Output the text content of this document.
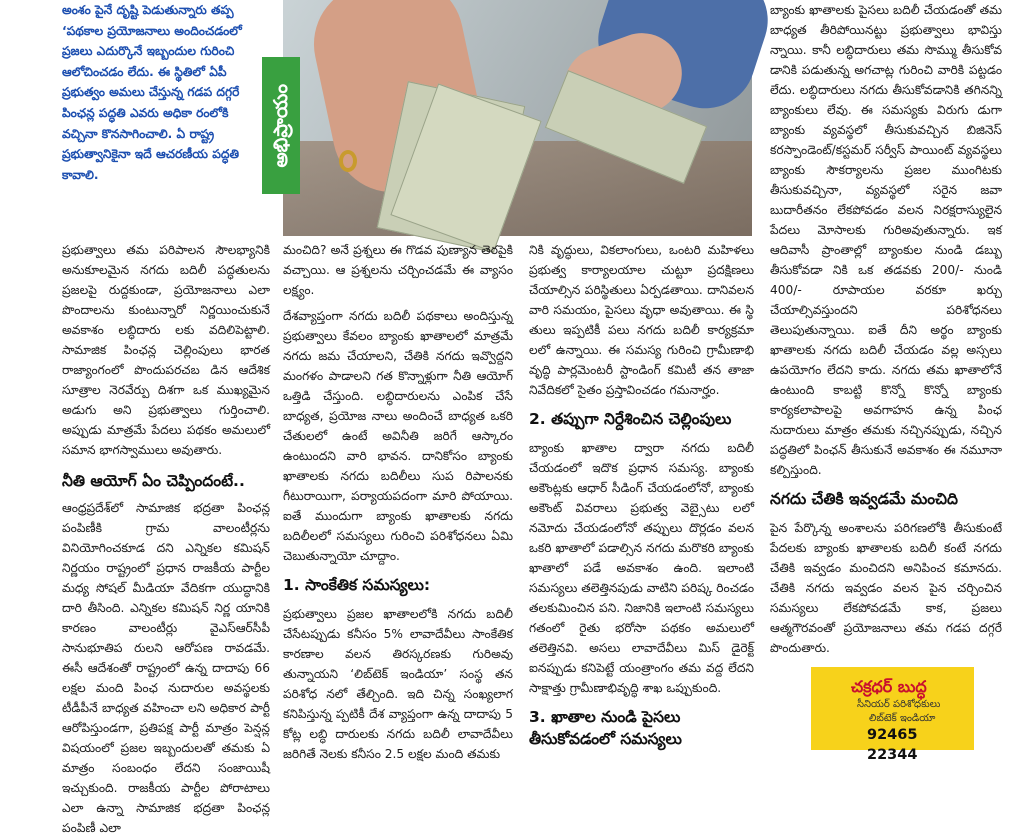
అంశం పైనే దృష్టి పెడుతున్నారు తప్ప ‘పథకాల ప్రయోజనాలు అందించడంలో ప్రజలు ఎదుర్కొనే ఇబ్బందుల గురించి ఆలోచించడం లేదు. ఈ స్థితిలో ఏపీ ప్రభుత్వం అమలు చేస్తున్న గడప దగ్గరే పింఛన్ల పద్ధతి ఎవరు అధికా రంలోకి వచ్చినా కొనసాగించాలి. ఏ రాష్ట్ర ప్రభుత్వానికైనా ఇదే ఆచరణీయ పద్ధతి కావాలి.

అభిప్రాయం

ప్రభుత్వాలు తమ పరిపాలన సౌలభ్యానికి అనుకూలమైన నగదు బదిలీ పద్ధతులను ప్రజలపై రుద్దకుండా, ప్రయోజనాలు ఎలా పొందాలను కుంటున్నారో నిర్ణయించుకునే అవకాశం లబ్ధిదారు లకు వదిలిపెట్టాలి. సామాజిక పింఛన్ల చెల్లింపులు భారత రాజ్యాంగంలో పొందుపరచబ డిన ఆదేశిక సూత్రాల నెరవేర్పు దిశగా ఒక ముఖ్యమైన అడుగు అని ప్రభుత్వాలు గుర్తించాలి. అప్పుడు మాత్రమే పేదలు పథకం అమలులో సమాన భాగస్వాములు అవుతారు.

నీతి ఆయోగ్ ఏం చెప్పిందంటే..

ఆంధ్రప్రదేశ్‌లో సామాజిక భద్రతా పింఛన్ల పంపిణీకి గ్రామ వాలంటీర్లను వినియోగించకూడ దని ఎన్నికల కమిషన్ నిర్ణయం రాష్ట్రంలో ప్రధాన రాజకీయ పార్టీల మధ్య సోషల్ మీడియా వేదికగా యుద్ధానికి దారి తీసింది. ఎన్నికల కమిషన్ నిర్ణ యానికి కారణం వాలంటీర్లు వైఎస్ఆర్‌సీపీ సానుభూతిప రులని ఆరోపణ రావడమే. ఈసీ ఆదేశంతో రాష్ట్రంలో ఉన్న దాదాపు 66 లక్షల మంది పింఛ నుదారుల అవస్థలకు టీడీపీనే బాధ్యత వహించా లని అధికార పార్టీ ఆరోపిస్తుండగా, ప్రతిపక్ష పార్టీ మాత్రం పెన్షన్ల విషయంలో ప్రజల ఇబ్బందులతో తమకు ఏ మాత్రం సంబంధం లేదని సంజాయిషీ ఇచ్చుకుంది. రాజకీయ పార్టీల పోరాటాలు ఎలా ఉన్నా సామాజిక భద్రతా పింఛన్ల పంపిణీ ఎలా

మంచిది? అనే ప్రశ్నలు ఈ గొడవ పుణ్యాన తెరపైకి వచ్చాయి. ఆ ప్రశ్నలను చర్చించడమే ఈ వ్యాసం లక్ష్యం.

దేశవ్యాప్తంగా నగదు బదిలీ పథకాలు అందిస్తున్న ప్రభుత్వాలు కేవలం బ్యాంకు ఖాతాలలో మాత్రమే నగదు జమ చేయాలని, చేతికి నగదు ఇవ్వొద్దని మంగళం పాడాలని గత కొన్నాళ్లుగా నీతి ఆయోగ్ ఒత్తిడి చేస్తుంది. లబ్ధిదారులను ఎంపిక చేసే బాధ్యత, ప్రయోజ నాలు అందించే బాధ్యత ఒకరి చేతులలో ఉంటే అవినీతి జరిగే ఆస్కారం ఉంటుందని వారి భావన. దానికోసం బ్యాంకు ఖాతాలకు నగదు బదిలీలు సుప రిపాలనకు గీటురాయిగా, పర్యాయపదంగా మారి పోయాయి. ఐతే ముందుగా బ్యాంకు ఖాతాలకు నగదు బదిలీలలో సమస్యలు గురించి పరిశోధనలు ఏమి చెబుతున్నాయో చూద్దాం.

1. సాంకేతిక సమస్యలు:

ప్రభుత్వాలు ప్రజల ఖాతాలలోకి నగదు బదిలీ చేసేటప్పుడు కనీసం 5% లావాదేవీలు సాంకేతిక కారణాల వలన తిరస్కరణకు గురిఅవు తున్నాయని ‘లిబ్‌టెక్ ఇండియా’ సంస్థ తన పరిశోధ నలో తేల్చింది. ఇది చిన్న సంఖ్యలాగ కనిపిస్తున్న ప్పటికీ దేశ వ్యాప్తంగా ఉన్న దాదాపు 5 కోట్ల లబ్ధి దారులకు నగదు బదిలీ లావాదేవీలు జరిగితే నెలకు కనీసం 2.5 లక్షల మంది తమకు

నికి వృద్ధులు, వికలాంగులు, ఒంటరి మహిళలు ప్రభుత్వ కార్యాలయాల చుట్టూ ప్రదక్షిణలు చేయాల్సిన పరిస్థితులు ఏర్పడతాయి. దానివలన వారి సమయం, పైసలు వృధా అవుతాయి. ఈ స్థి తులు ఇప్పటికీ పలు నగదు బదిలీ కార్యక్రమా లలో ఉన్నాయి. ఈ సమస్య గురించి గ్రామీణాభి వృద్ధి పార్లమెంటరీ స్టాండింగ్ కమిటీ తన తాజా నివేదికలో సైతం ప్రస్తావించడం గమనార్హం.

2. తప్పుగా నిర్దేశించిన చెల్లింపులు

బ్యాంకు ఖాతాల ద్వారా నగదు బదిలీ చేయడంలో ఇదొక ప్రధాన సమస్య. బ్యాంకు అకౌంట్లకు ఆధార్ సీడింగ్ చేయడంలోనో, బ్యాంకు అకౌంట్ వివరాలు ప్రభుత్వ వెబ్సైటు లలో నమోదు చేయడంలోనో తప్పులు దొర్లడం వలన ఒకరి ఖాతాలో పడాల్సిన నగదు మరొకరి బ్యాంకు ఖాతాలో పడే అవకాశం ఉంది. ఇలాంటి సమస్యలు తలెత్తినపుడు వాటిని పరిష్క రించడం తలకుమించిన పని. నిజానికి ఇలాంటి సమస్యలు గతంలో రైతు భరోసా పథకం అమలులో తలెత్తినవి. అసలు లావాదేవీలు మిస్ డైరెక్ట్ ఐనప్పుడు కనిపెట్టే యంత్రాంగం తమ వద్ద లేదని సాక్షాత్తు గ్రామీణాభివృద్ధి శాఖ ఒప్పుకుంది.

3. ఖాతాల నుండి పైసలు తీసుకోవడంలో సమస్యలు

బ్యాంకు ఖాతాలకు పైసలు బదిలీ చేయడంతో తమ బాధ్యత తీరిపోయినట్టు ప్రభుత్వాలు భావిస్తు న్నాయి. కానీ లబ్ధిదారులు తమ సొమ్ము తీసుకోవ డానికి పడుతున్న అగచాట్ల గురించి వారికి పట్టడం లేదు. లబ్ధిదారులు నగదు తీసుకోవడానికి తగినన్ని బ్యాంకులు లేవు. ఈ సమస్యకు విరుగు డుగా బ్యాంకు వ్యవస్థలో తీసుకువచ్చిన బిజినెస్ కరస్పాండెంట్/కస్టమర్ సర్వీస్ పాయింట్ వ్యవస్థలు బ్యాంకు సౌకర్యాలను ప్రజల ముంగిటకు తీసుకువచ్చినా, వ్యవస్థలో సరైన జవా బుదారీతనం లేకపోవడం వలన నిరక్షరాస్యులైన పేదలు మోసాలకు గురిఅవుతున్నారు. ఇక ఆదివాసీ ప్రాంతాల్లో బ్యాంకుల నుండి డబ్బు తీసుకోవడా నికి ఒక తడవకు 200/- నుండి 400/- రూపాయల వరకూ ఖర్చు చేయాల్సివస్తుందని పరిశోధనలు తెలుపుతున్నాయి. ఐతే దీని అర్థం బ్యాంకు ఖాతాలకు నగదు బదిలీ చేయడం వల్ల అస్సలు ఉపయోగం లేదని కాదు. నగదు తమ ఖాతాలోనే ఉంటుంది కాబట్టి కొన్నో కొన్నో బ్యాంకు కార్యకలాపాలపై అవగాహన ఉన్న పింఛ నుదారులు మాత్రం తమకు నచ్చినప్పుడు, నచ్చిన పద్ధతిలో పింఛన్ తీసుకునే అవకాశం ఈ నమూనా కల్పిస్తుంది.

నగదు చేతికి ఇవ్వడమే మంచిది

పైన పేర్కొన్న అంశాలను పరిగణలోకి తీసుకుంటే పేదలకు బ్యాంకు ఖాతాలకు బదిలీ కంటే నగదు చేతికి ఇవ్వడం మంచిదని అనిపించ కమానదు. చేతికి నగదు ఇవ్వడం వలన పైన చర్చించిన సమస్యలు లేకపోవడమే కాక, ప్రజలు ఆత్మగౌరవంతో ప్రయోజనాలు తమ గడప దగ్గరే పొందుతారు.

చక్రధర్ బుద్ధ
సీనియర్ పరిశోధకులు
లిబ్‌టెక్ ఇండియా
92465 22344
